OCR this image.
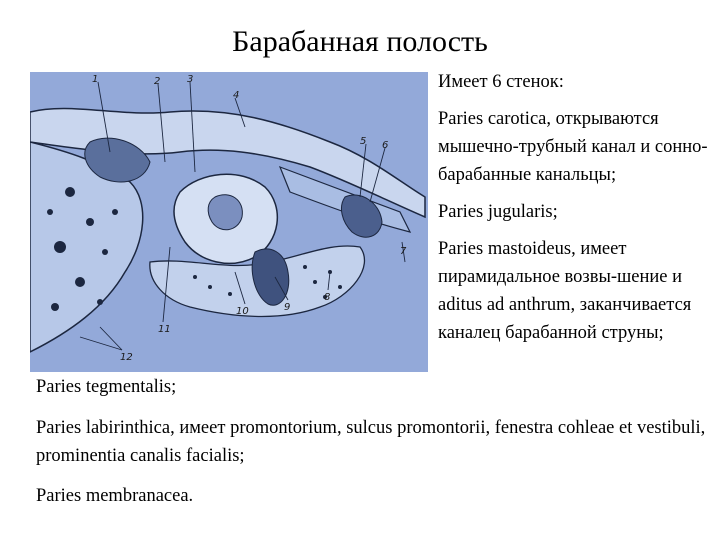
Барабанная полость
1	2	3
4
5 6
7
8
9
10
11
12

Имеет 6 стенок:

Paries carotica, открываются мышечно-трубный канал и сонно-барабанные канальцы;

Paries jugularis;

Paries mastoideus, имеет пирамидальное возвы-шение и aditus ad anthrum, заканчивается каналец барабанной струны;

Paries tegmentalis;

Paries labirinthica, имеет promontorium, sulcus promontorii, fenestra cohleae et vestibuli, prominentia canalis facialis;

Paries membranacea.
